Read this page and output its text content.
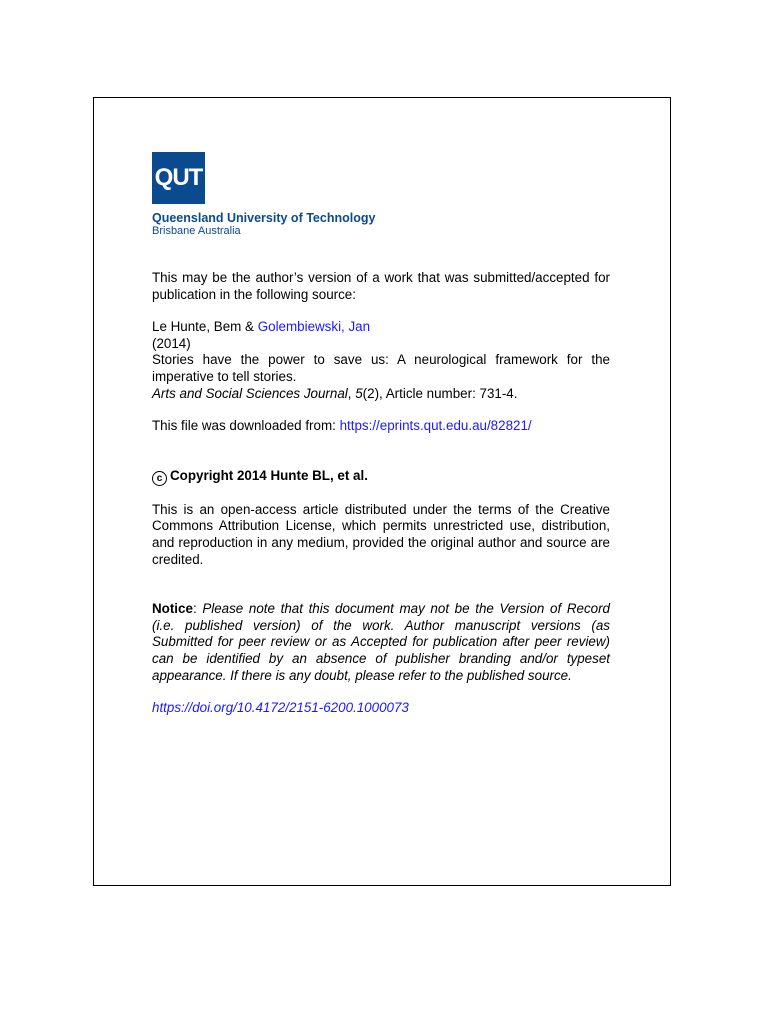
QUT
Queensland University of Technology
Brisbane Australia

This may be the author’s version of a work that was submitted/accepted for publication in the following source:

Le Hunte, Bem & Golembiewski, Jan

(2014)

Stories have the power to save us: A neurological framework for the imperative to tell stories.

Arts and Social Sciences Journal, 5(2), Article number: 731-4.

This file was downloaded from: https://eprints.qut.edu.au/82821/

c Copyright 2014 Hunte BL, et al.

This is an open-access article distributed under the terms of the Creative Commons Attribution License, which permits unrestricted use, distribution, and reproduction in any medium, provided the original author and source are credited.

Notice: Please note that this document may not be the Version of Record (i.e. published version) of the work. Author manuscript versions (as Submitted for peer review or as Accepted for publication after peer review) can be identified by an absence of publisher branding and/or typeset appearance. If there is any doubt, please refer to the published source.

https://doi.org/10.4172/2151-6200.1000073
